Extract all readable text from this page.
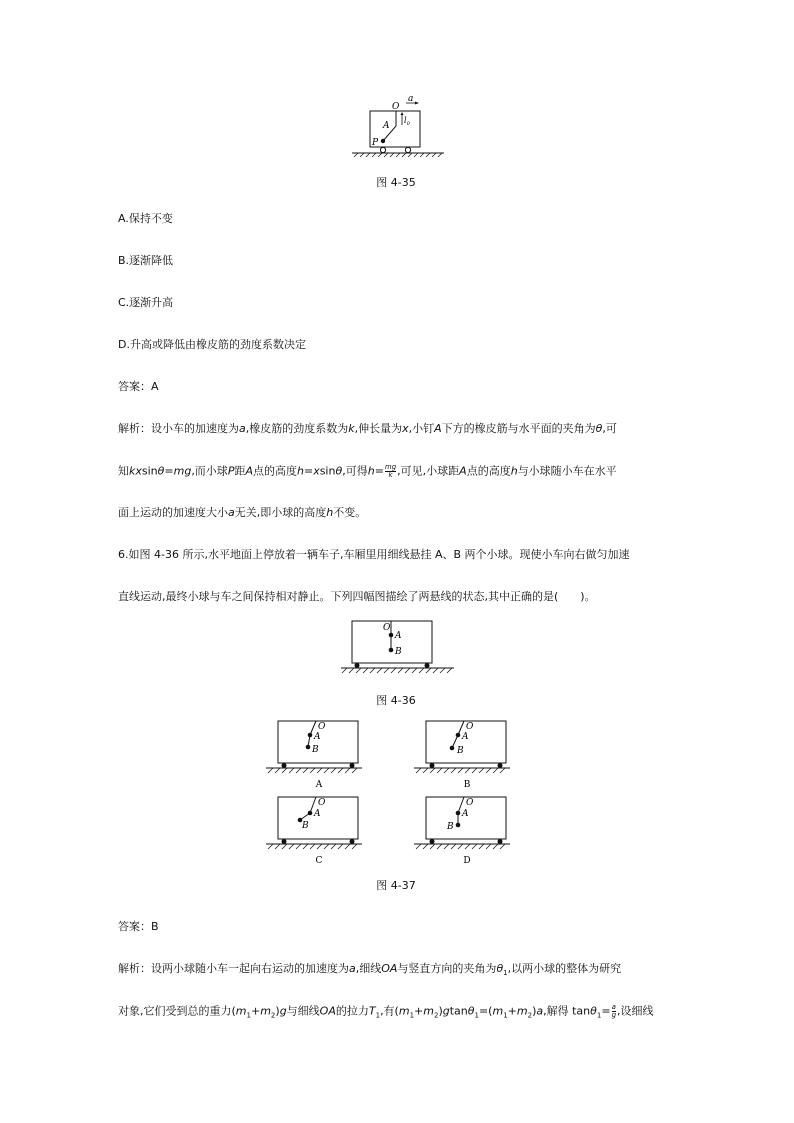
O
a
$l_0$
A
P
图 4-35
A.保持不变
B.逐渐降低
C.逐渐升高
D.升高或降低由橡皮筋的劲度系数决定
答案：A
解析：设小车的加速度为a,橡皮筋的劲度系数为k,伸长量为x,小钉A下方的橡皮筋与水平面的夹角为θ,可
知kxsinθ=mg,而小球P距A点的高度h=xsinθ,可得$h= \frac{mg}{k}$ ,可见,小球距A点的高度h与小球随小车在水平
面上运动的加速度大小a无关,即小球的高度h不变。
6.如图 4-36 所示,水平地面上停放着一辆车子,车厢里用细线悬挂 A、B 两个小球。现使小车向右做匀加速
直线运动,最终小球与车之间保持相对静止。下列四幅图描绘了两悬线的状态,其中正确的是(　　)。
O
A
B
图 4-36
O
A
B
A
O
A
B
B
O
A
B
C
O
A
B
D
图 4-37
答案：B
解析：设两小球随小车一起向右运动的加速度为a,细线OA与竖直方向的夹角为$\theta_1$,以两小球的整体为研究
对象,它们受到总的重力$(m_1+m_2)g$与细线OA的拉力$T_1$,有$(m_1+m_2)gtan\theta_1=(m_1+m_2)a$,解得 $\tan\theta_1= \frac{a}{g}$ ,设细线
